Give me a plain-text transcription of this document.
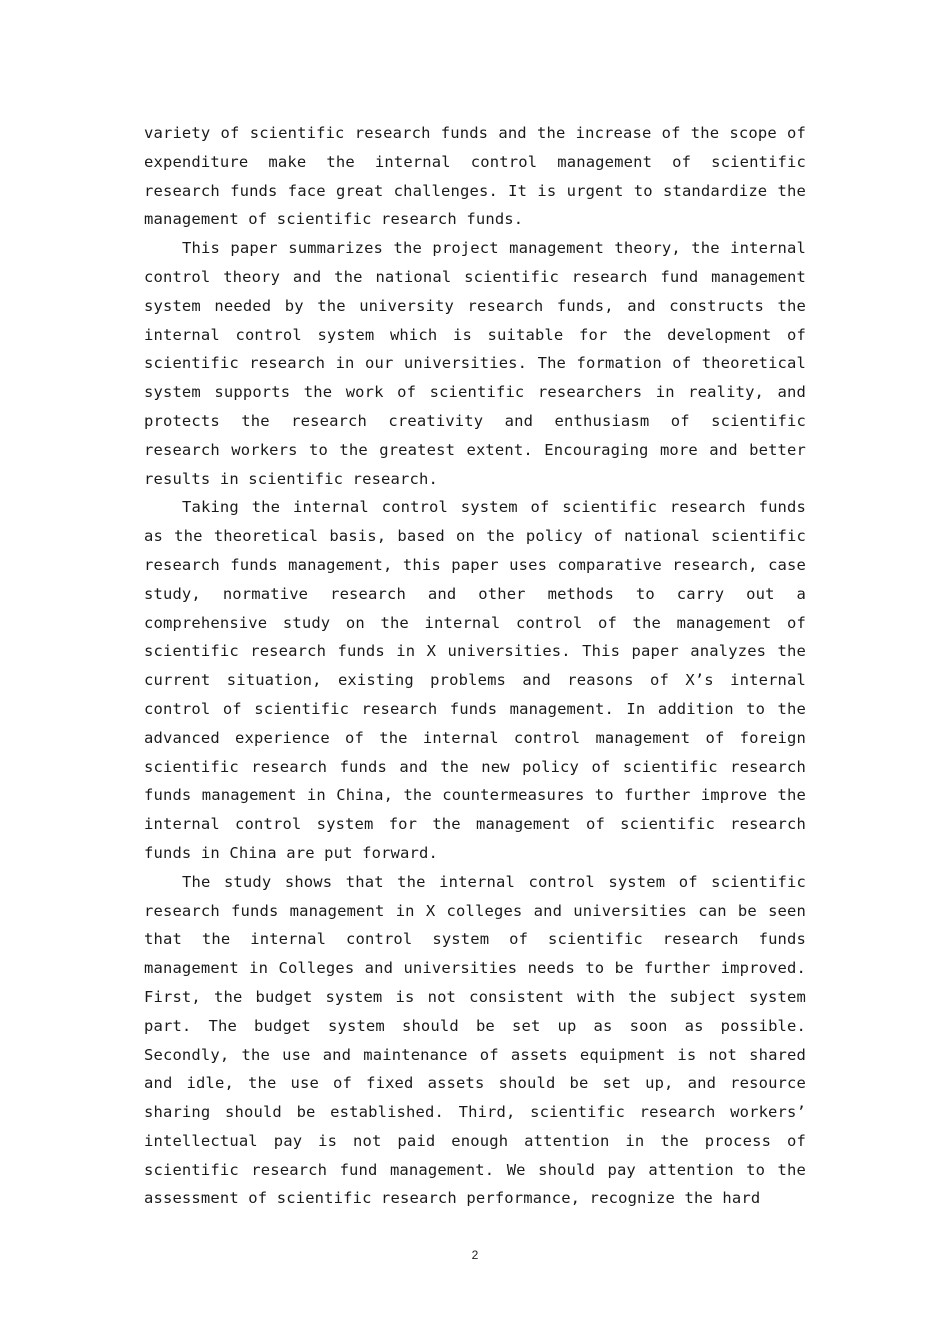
variety of scientific research funds and the increase of the scope of expenditure make the internal control management of scientific research funds face great challenges. It is urgent to standardize the management of scientific research funds.

This paper summarizes the project management theory, the internal control theory and the national scientific research fund management system needed by the university research funds, and constructs the internal control system which is suitable for the development of scientific research in our universities. The formation of theoretical system supports the work of scientific researchers in reality, and protects the research creativity and enthusiasm of scientific research workers to the greatest extent. Encouraging more and better results in scientific research.

Taking the internal control system of scientific research funds as the theoretical basis, based on the policy of national scientific research funds management, this paper uses comparative research, case study, normative research and other methods to carry out a comprehensive study on the internal control of the management of scientific research funds in X universities. This paper analyzes the current situation, existing problems and reasons of X’s internal control of scientific research funds management. In addition to the advanced experience of the internal control management of foreign scientific research funds and the new policy of scientific research funds management in China, the countermeasures to further improve the internal control system for the management of scientific research funds in China are put forward.

The study shows that the internal control system of scientific research funds management in X colleges and universities can be seen that the internal control system of scientific research funds management in Colleges and universities needs to be further improved. First, the budget system is not consistent with the subject system part. The budget system should be set up as soon as possible. Secondly, the use and maintenance of assets equipment is not shared and idle, the use of fixed assets should be set up, and resource sharing should be established. Third, scientific research workers’ intellectual pay is not paid enough attention in the process of scientific research fund management. We should pay attention to the assessment of scientific research performance, recognize the hard

2
